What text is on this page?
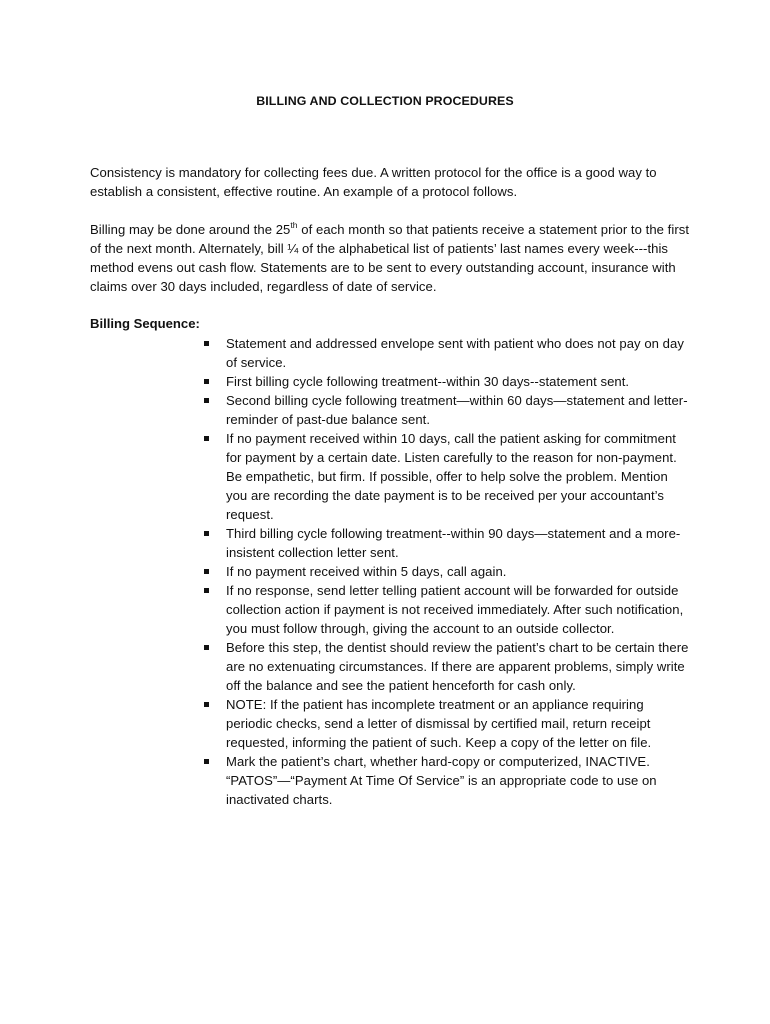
BILLING AND COLLECTION PROCEDURES
Consistency is mandatory for collecting fees due. A written protocol for the office is a good way to establish a consistent, effective routine. An example of a protocol follows.
Billing may be done around the 25th of each month so that patients receive a statement prior to the first of the next month. Alternately, bill ¼ of the alphabetical list of patients’ last names every week---this method evens out cash flow. Statements are to be sent to every outstanding account, insurance with claims over 30 days included, regardless of date of service.
Billing Sequence:
Statement and addressed envelope sent with patient who does not pay on day of service.
First billing cycle following treatment--within 30 days--statement sent.
Second billing cycle following treatment—within 60 days—statement and letter-reminder of past-due balance sent.
If no payment received within 10 days, call the patient asking for commitment for payment by a certain date. Listen carefully to the reason for non-payment. Be empathetic, but firm. If possible, offer to help solve the problem. Mention you are recording the date payment is to be received per your accountant’s request.
Third billing cycle following treatment--within 90 days—statement and a more-insistent collection letter sent.
If no payment received within 5 days, call again.
If no response, send letter telling patient account will be forwarded for outside collection action if payment is not received immediately. After such notification, you must follow through, giving the account to an outside collector.
Before this step, the dentist should review the patient’s chart to be certain there are no extenuating circumstances. If there are apparent problems, simply write off the balance and see the patient henceforth for cash only.
NOTE: If the patient has incomplete treatment or an appliance requiring periodic checks, send a letter of dismissal by certified mail, return receipt requested, informing the patient of such. Keep a copy of the letter on file.
Mark the patient’s chart, whether hard-copy or computerized, INACTIVE. “PATOS”—“Payment At Time Of Service” is an appropriate code to use on inactivated charts.
